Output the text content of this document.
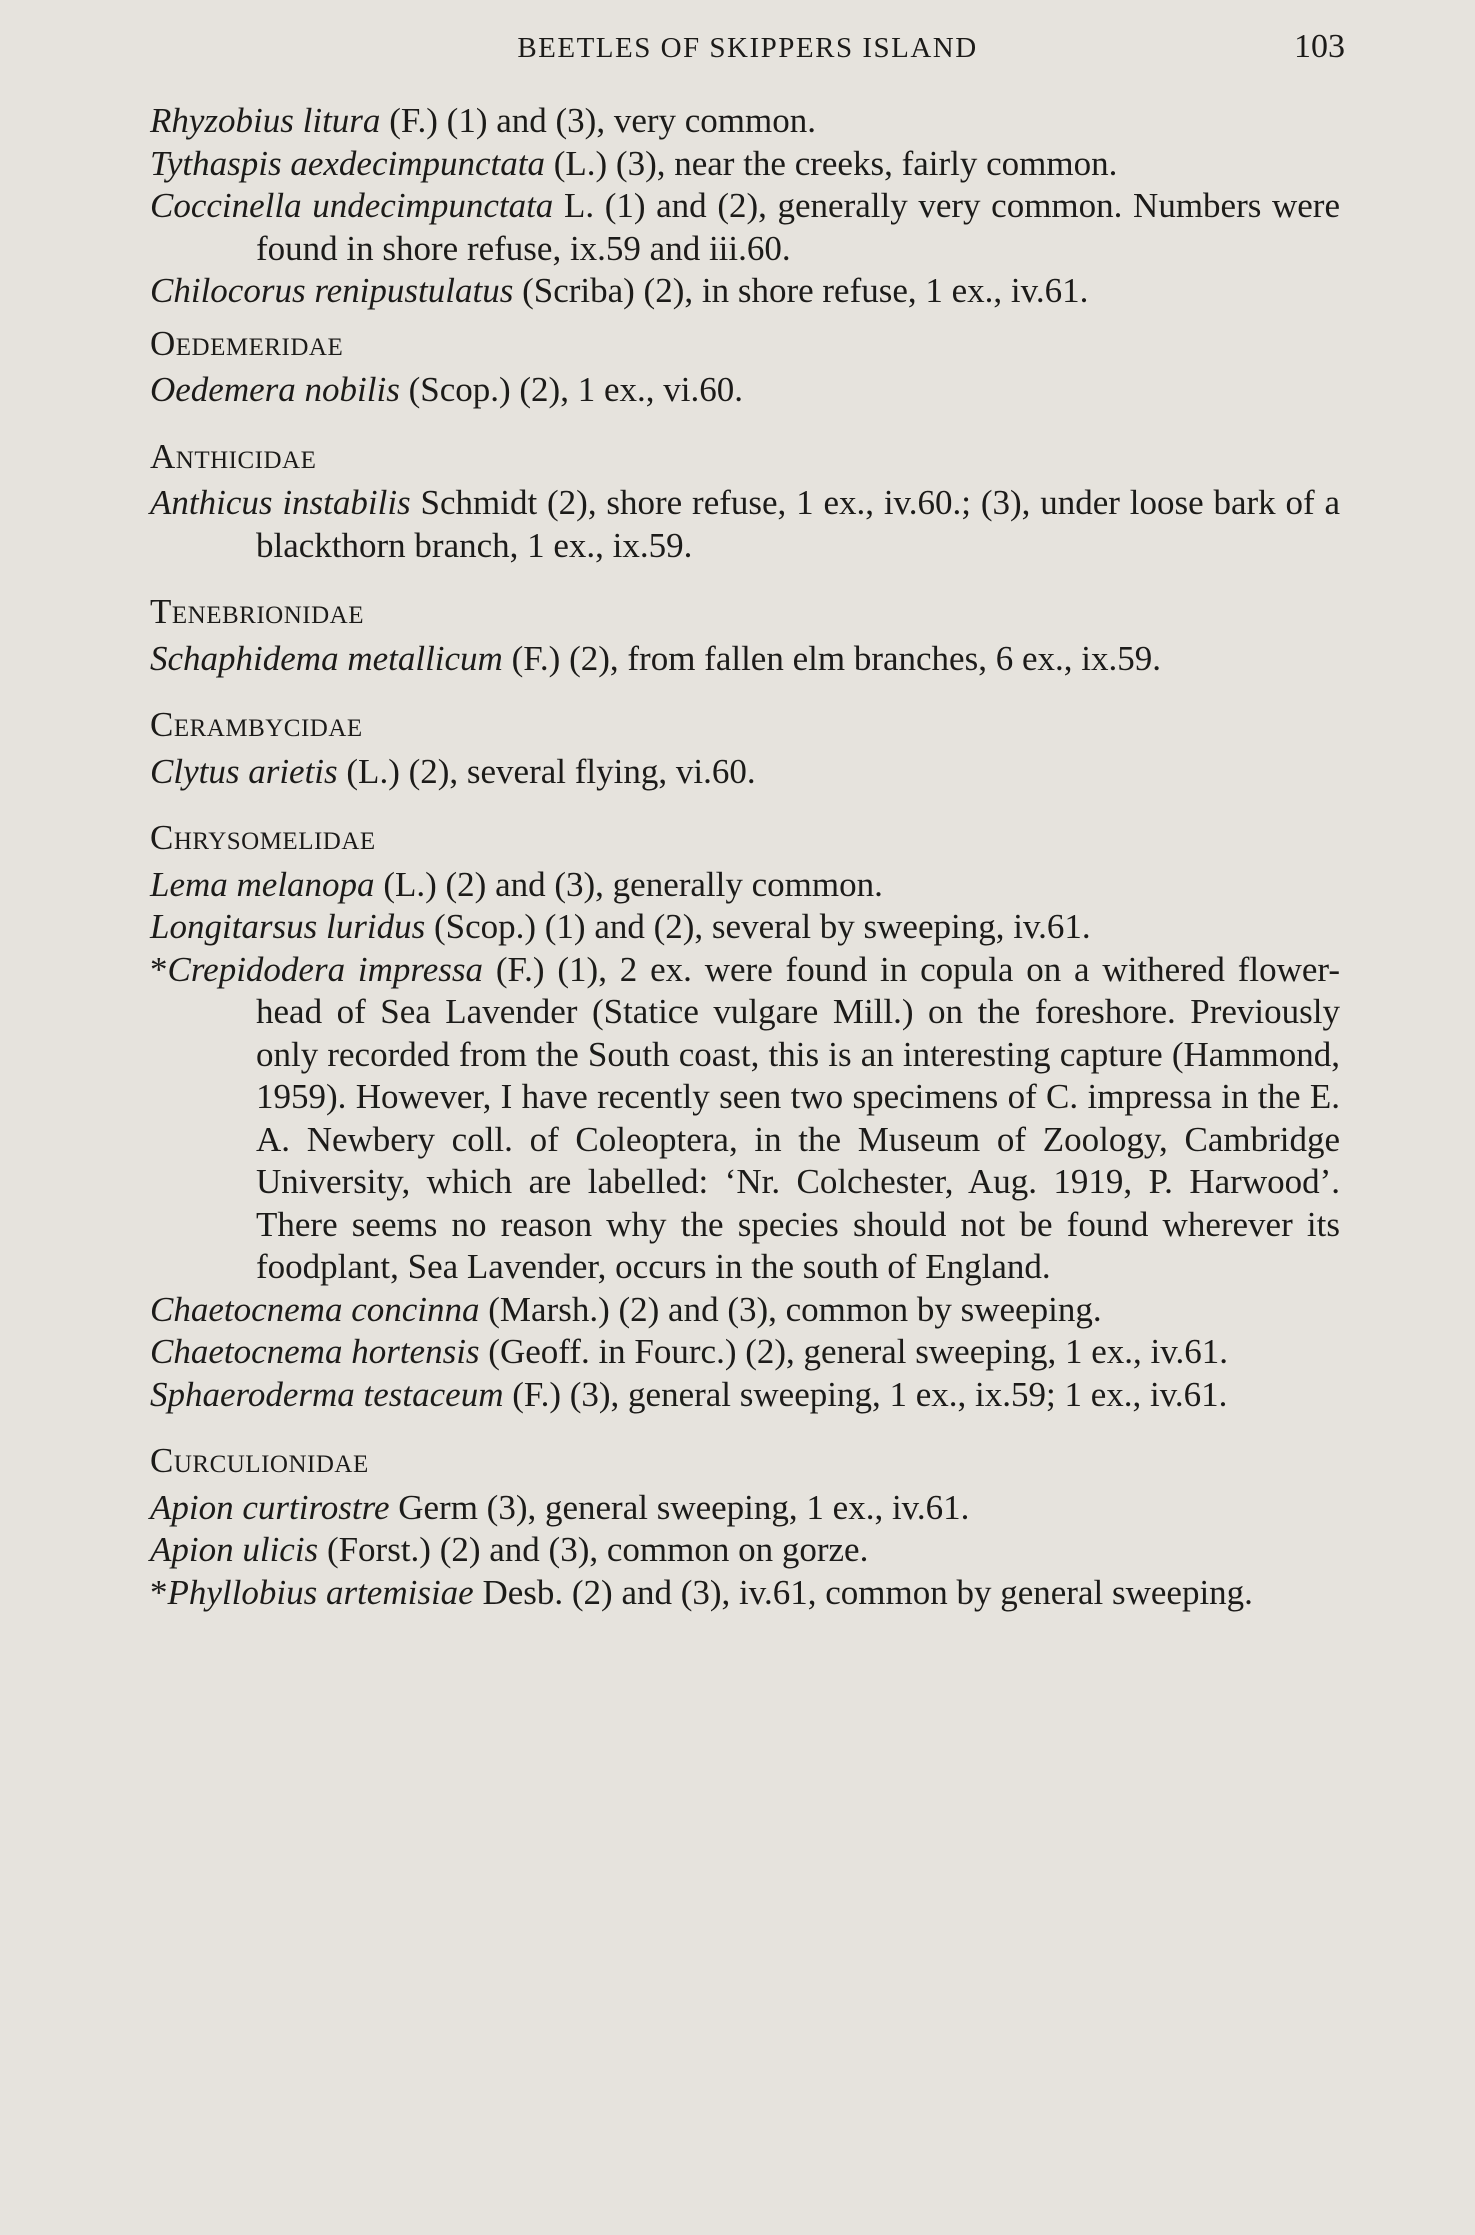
BEETLES OF SKIPPERS ISLAND	103
Rhyzobius litura (F.) (1) and (3), very common.
Tythaspis aexdecimpunctata (L.) (3), near the creeks, fairly common.
Coccinella undecimpunctata L. (1) and (2), generally very common. Numbers were found in shore refuse, ix.59 and iii.60.
Chilocorus renipustulatus (Scriba) (2), in shore refuse, 1 ex., iv.61.
Oedemeridae
Oedemera nobilis (Scop.) (2), 1 ex., vi.60.
Anthicidae
Anthicus instabilis Schmidt (2), shore refuse, 1 ex., iv.60.; (3), under loose bark of a blackthorn branch, 1 ex., ix.59.
Tenebrionidae
Schaphidema metallicum (F.) (2), from fallen elm branches, 6 ex., ix.59.
Cerambycidae
Clytus arietis (L.) (2), several flying, vi.60.
Chrysomelidae
Lema melanopa (L.) (2) and (3), generally common.
Longitarsus luridus (Scop.) (1) and (2), several by sweeping, iv.61.
*Crepidodera impressa (F.) (1), 2 ex. were found in copula on a withered flower-head of Sea Lavender (Statice vulgare Mill.) on the foreshore. Previously only recorded from the South coast, this is an interesting capture (Hammond, 1959). However, I have recently seen two specimens of C. impressa in the E. A. Newbery coll. of Coleoptera, in the Museum of Zoology, Cambridge University, which are labelled: ‘Nr. Colchester, Aug. 1919, P. Harwood’. There seems no reason why the species should not be found wherever its foodplant, Sea Lavender, occurs in the south of England.
Chaetocnema concinna (Marsh.) (2) and (3), common by sweeping.
Chaetocnema hortensis (Geoff. in Fourc.) (2), general sweeping, 1 ex., iv.61.
Sphaeroderma testaceum (F.) (3), general sweeping, 1 ex., ix.59; 1 ex., iv.61.
Curculionidae
Apion curtirostre Germ (3), general sweeping, 1 ex., iv.61.
Apion ulicis (Forst.) (2) and (3), common on gorze.
*Phyllobius artemisiae Desb. (2) and (3), iv.61, common by general sweeping.
